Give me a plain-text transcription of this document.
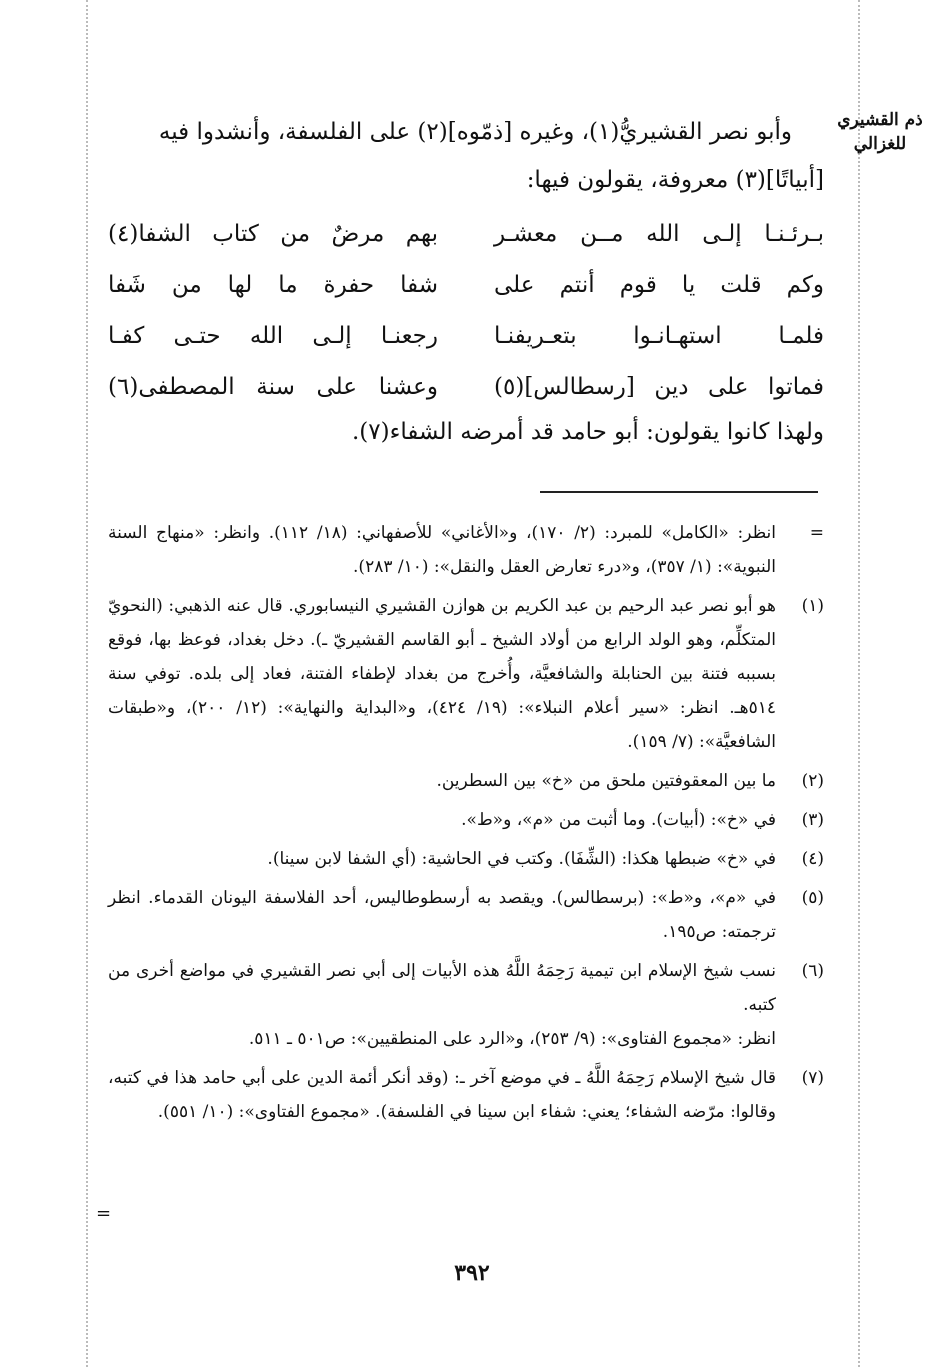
ذم القشيري للغزالي

وأبو نصر القشيريُّ(١)، وغيره [ذمّوه](٢) على الفلسفة، وأنشدوا فيه

[أبياتًا](٣) معروفة، يقولون فيها:

بـرئـنـا إلـى الله مــن معشـر
بهم مرضٌ من كتاب الشفا(٤)
وكم قلت يا قوم أنتم على
شفا حفرة ما لها من شَفا
فلمـا استهـانـوا بتعـريفنـا
رجعنـا إلـى الله حتـى كفـا
فماتوا على دين [رسطالس](٥)
وعشنا على سنة المصطفى(٦)
ولهذا كانوا يقولون: أبو حامد قد أمرضه الشفاء(٧).
=
انظر: «الكامل» للمبرد: (٢/ ١٧٠)، و«الأغاني» للأصفهاني: (١٨/ ١١٢). وانظر: «منهاج السنة النبوية»: (١/ ٣٥٧)، و«درء تعارض العقل والنقل»: (١٠/ ٢٨٣).
(١)
هو أبو نصر عبد الرحيم بن عبد الكريم بن هوازن القشيري النيسابوري. قال عنه الذهبي: (النحويّ المتكلِّم، وهو الولد الرابع من أولاد الشيخ ـ أبو القاسم القشيريّ ـ). دخل بغداد، فوعظ بها، فوقع بسببه فتنة بين الحنابلة والشافعيَّة، وأُخرج من بغداد لإطفاء الفتنة، فعاد إلى بلده. توفي سنة ٥١٤هـ. انظر: «سير أعلام النبلاء»: (١٩/ ٤٢٤)، و«البداية والنهاية»: (١٢/ ٢٠٠)، و«طبقات الشافعيَّة»: (٧/ ١٥٩).
(٢)
ما بين المعقوفتين ملحق من «خ» بين السطرين.
(٣)
في «خ»: (أبيات). وما أثبت من «م»، و«ط».
(٤)
في «خ» ضبطها هكذا: (الشِّفَا). وكتب في الحاشية: (أي الشفا لابن سينا).
(٥)
في «م»، و«ط»: (برسطالس). ويقصد به أرسطوطاليس، أحد الفلاسفة اليونان القدماء. انظر ترجمته: ص١٩٥.
(٦)

نسب شيخ الإسلام ابن تيمية رَحِمَهُ اللَّهُ هذه الأبيات إلى أبي نصر القشيري في مواضع أخرى من كتبه.

انظر: «مجموع الفتاوى»: (٩/ ٢٥٣)، و«الرد على المنطقيين»: ص٥٠١ ـ ٥١١.

(٧)
قال شيخ الإسلام رَحِمَهُ اللَّهُ ـ في موضع آخر ـ: (وقد أنكر أئمة الدين على أبي حامد هذا في كتبه، وقالوا: مرّضه الشفاء؛ يعني: شفاء ابن سينا في الفلسفة). «مجموع الفتاوى»: (١٠/ ٥٥١).
=
٣٩٢
